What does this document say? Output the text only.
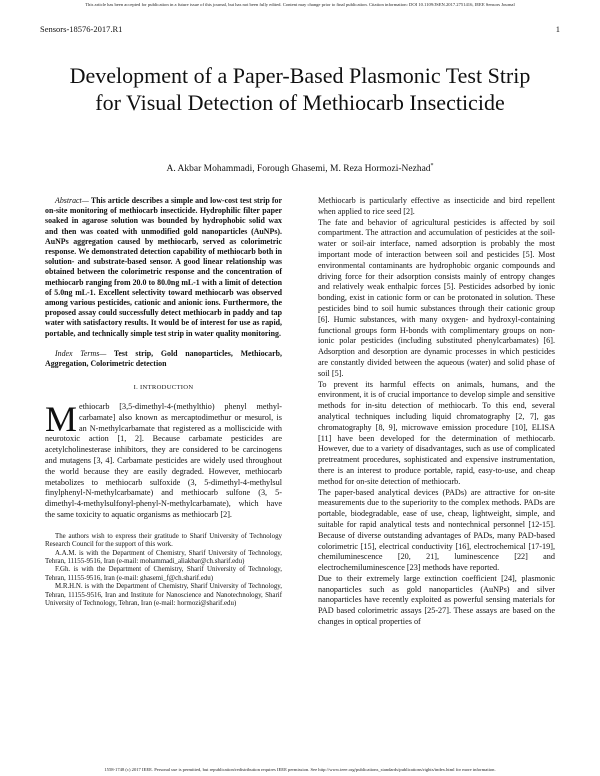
This article has been accepted for publication in a future issue of this journal, but has not been fully edited. Content may change prior to final publication. Citation information: DOI 10.1109/JSEN.2017.2751416, IEEE Sensors Journal
Sensors-18576-2017.R1	1
Development of a Paper-Based Plasmonic Test Strip for Visual Detection of Methiocarb Insecticide
A. Akbar Mohammadi, Forough Ghasemi, M. Reza Hormozi-Nezhad*

Abstract— This article describes a simple and low-cost test strip for on-site monitoring of methiocarb insecticide. Hydrophilic filter paper soaked in agarose solution was bounded by hydrophobic solid wax and then was coated with unmodified gold nanoparticles (AuNPs). AuNPs aggregation caused by methiocarb, served as colorimetric response. We demonstrated detection capability of methiocarb both in solution- and substrate-based sensor. A good linear relationship was obtained between the colorimetric response and the concentration of methiocarb ranging from 20.0 to 80.0ng mL-1 with a limit of detection of 5.0ng mL-1. Excellent selectivity toward methiocarb was observed among various pesticides, cationic and anionic ions. Furthermore, the proposed assay could successfully detect methiocarb in paddy and tap water with satisfactory results. It would be of interest for use as rapid, portable, and technically simple test strip in water quality monitoring.

Index Terms— Test strip, Gold nanoparticles, Methiocarb, Aggregation, Colorimetric detection

I. INTRODUCTION

Methiocarb [3,5-dimethyl-4-(methylthio) phenyl methyl-carbamate] also known as mercaptodimethur or mesurol, is an N-methylcarbamate that registered as a molliscicide with neurotoxic action [1, 2]. Because carbamate pesticides are acetylcholinesterase inhibitors, they are considered to be carcinogens and mutagens [3, 4]. Carbamate pesticides are widely used throughout the world because they are easily degraded. However, methiocarb metabolizes to methiocarb sulfoxide (3, 5-dimethyl-4-methylsul finylphenyl-N-methylcarbamate) and methiocarb sulfone (3, 5-dimethyl-4-methylsulfonyl-phenyl-N-methylcarbamate), which have the same toxicity to aquatic organisms as methiocarb [2].

The authors wish to express their gratitude to Sharif University of Technology Research Council for the support of this work.
A.A.M. is with the Department of Chemistry, Sharif University of Technology, Tehran, 11155-9516, Iran (e-mail: mohammadi_aliakbar@ch.sharif.edu)
F.Gh. is with the Department of Chemistry, Sharif University of Technology, Tehran, 11155-9516, Iran (e-mail: ghasemi_f@ch.sharif.edu)
M.R.H.N. is with the Department of Chemistry, Sharif University of Technology, Tehran, 11155-9516, Iran and Institute for Nanoscience and Nanotechnology, Sharif University of Technology, Tehran, Iran (e-mail: hormozi@sharif.edu)

Methiocarb is particularly effective as insecticide and bird repellent when applied to rice seed [2].

The fate and behavior of agricultural pesticides is affected by soil compartment. The attraction and accumulation of pesticides at the soil-water or soil-air interface, named adsorption is probably the most important mode of interaction between soil and pesticides [5]. Most environmental contaminants are hydrophobic organic compounds and driving force for their adsorption consists mainly of entropy changes and relatively weak enthalpic forces [5]. Pesticides adsorbed by ionic bonding, exist in cationic form or can be protonated in solution. These pesticides bind to soil humic substances through their cationic group [6]. Humic substances, with many oxygen- and hydroxyl-containing functional groups form H-bonds with complimentary groups on non-ionic polar pesticides (including substituted phenylcarbamates) [6]. Adsorption and desorption are dynamic processes in which pesticides are constantly divided between the aqueous (water) and solid phase of soil [5].

To prevent its harmful effects on animals, humans, and the environment, it is of crucial importance to develop simple and sensitive methods for in-situ detection of methiocarb. To this end, several analytical techniques including liquid chromatography [2, 7], gas chromatography [8, 9], microwave emission procedure [10], ELISA [11] have been developed for the determination of methiocarb. However, due to a variety of disadvantages, such as use of complicated pretreatment procedures, sophisticated and expensive instrumentation, there is an interest to produce portable, rapid, easy-to-use, and cheap method for on-site detection of methiocarb.

The paper-based analytical devices (PADs) are attractive for on-site measurements due to the superiority to the complex methods. PADs are portable, biodegradable, ease of use, cheap, lightweight, simple, and suitable for rapid analytical tests and nontechnical personnel [12-15]. Because of diverse outstanding advantages of PADs, many PAD-based colorimetric [15], electrical conductivity [16], electrochemical [17-19], chemiluminescence [20, 21], luminescence [22] and electrochemiluminescence [23] methods have reported.

Due to their extremely large extinction coefficient [24], plasmonic nanoparticles such as gold nanoparticles (AuNPs) and silver nanoparticles have recently exploited as powerful sensing materials for PAD based colorimetric assays [25-27]. These assays are based on the changes in optical properties of

1558-1748 (c) 2017 IEEE. Personal use is permitted, but republication/redistribution requires IEEE permission. See http://www.ieee.org/publications_standards/publications/rights/index.html for more information.
